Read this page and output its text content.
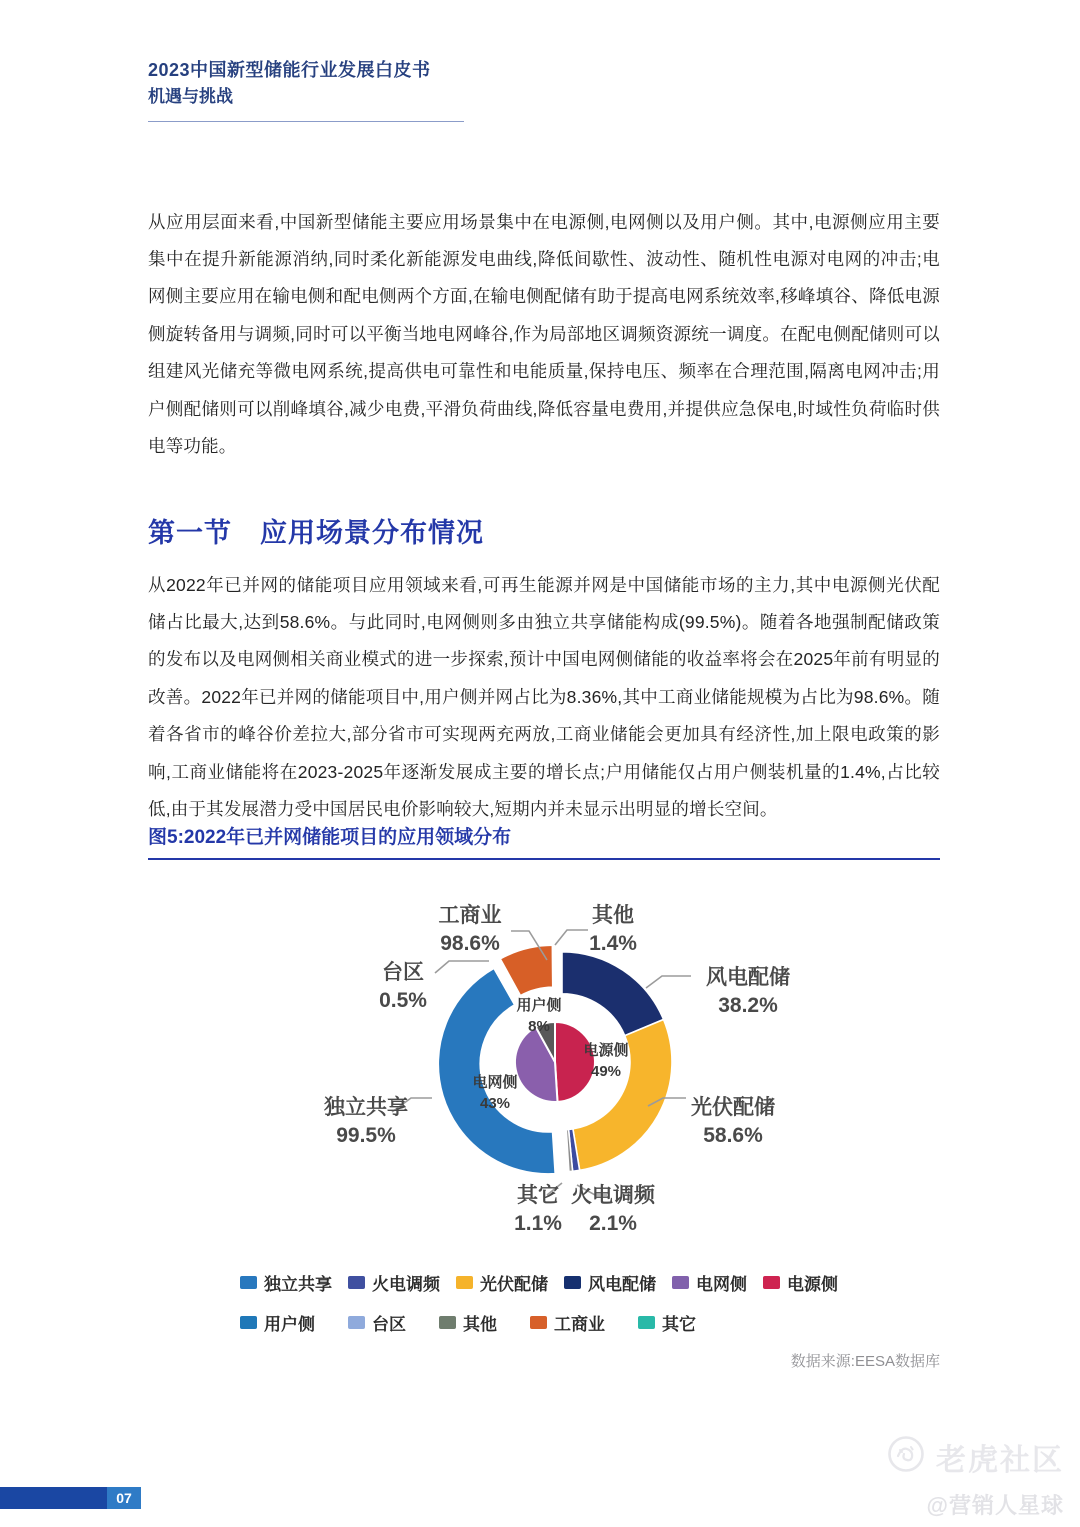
2023中国新型储能行业发展白皮书
机遇与挑战

从应用层面来看,中国新型储能主要应用场景集中在电源侧,电网侧以及用户侧。其中,电源侧应用主要集中在提升新能源消纳,同时柔化新能源发电曲线,降低间歇性、波动性、随机性电源对电网的冲击;电网侧主要应用在输电侧和配电侧两个方面,在输电侧配储有助于提高电网系统效率,移峰填谷、降低电源侧旋转备用与调频,同时可以平衡当地电网峰谷,作为局部地区调频资源统一调度。在配电侧配储则可以组建风光储充等微电网系统,提高供电可靠性和电能质量,保持电压、频率在合理范围,隔离电网冲击;用户侧配储则可以削峰填谷,减少电费,平滑负荷曲线,降低容量电费用,并提供应急保电,时域性负荷临时供电等功能。

第一节　应用场景分布情况

从2022年已并网的储能项目应用领域来看,可再生能源并网是中国储能市场的主力,其中电源侧光伏配储占比最大,达到58.6%。与此同时,电网侧则多由独立共享储能构成(99.5%)。随着各地强制配储政策的发布以及电网侧相关商业模式的进一步探索,预计中国电网侧储能的收益率将会在2025年前有明显的改善。2022年已并网的储能项目中,用户侧并网占比为8.36%,其中工商业储能规模为占比为98.6%。随着各省市的峰谷价差拉大,部分省市可实现两充两放,工商业储能会更加具有经济性,加上限电政策的影响,工商业储能将在2023-2025年逐渐发展成主要的增长点;户用储能仅占用户侧装机量的1.4%,占比较低,由于其发展潜力受中国居民电价影响较大,短期内并未显示出明显的增长空间。

图5:2022年已并网储能项目的应用领域分布
风电配储
38.2%
光伏配储
58.6%
火电调频
2.1%
其它
1.1%
独立共享
99.5%
台区
0.5%
工商业
98.6%
其他
1.4%
电源侧
49%
电网侧
43%
用户侧
8%
独立共享 火电调频 光伏配储 风电配储 电网侧 电源侧
用户侧	台区	其他	工商业	其它
数据来源:EESA数据库
07
老虎社区
@营销人星球
